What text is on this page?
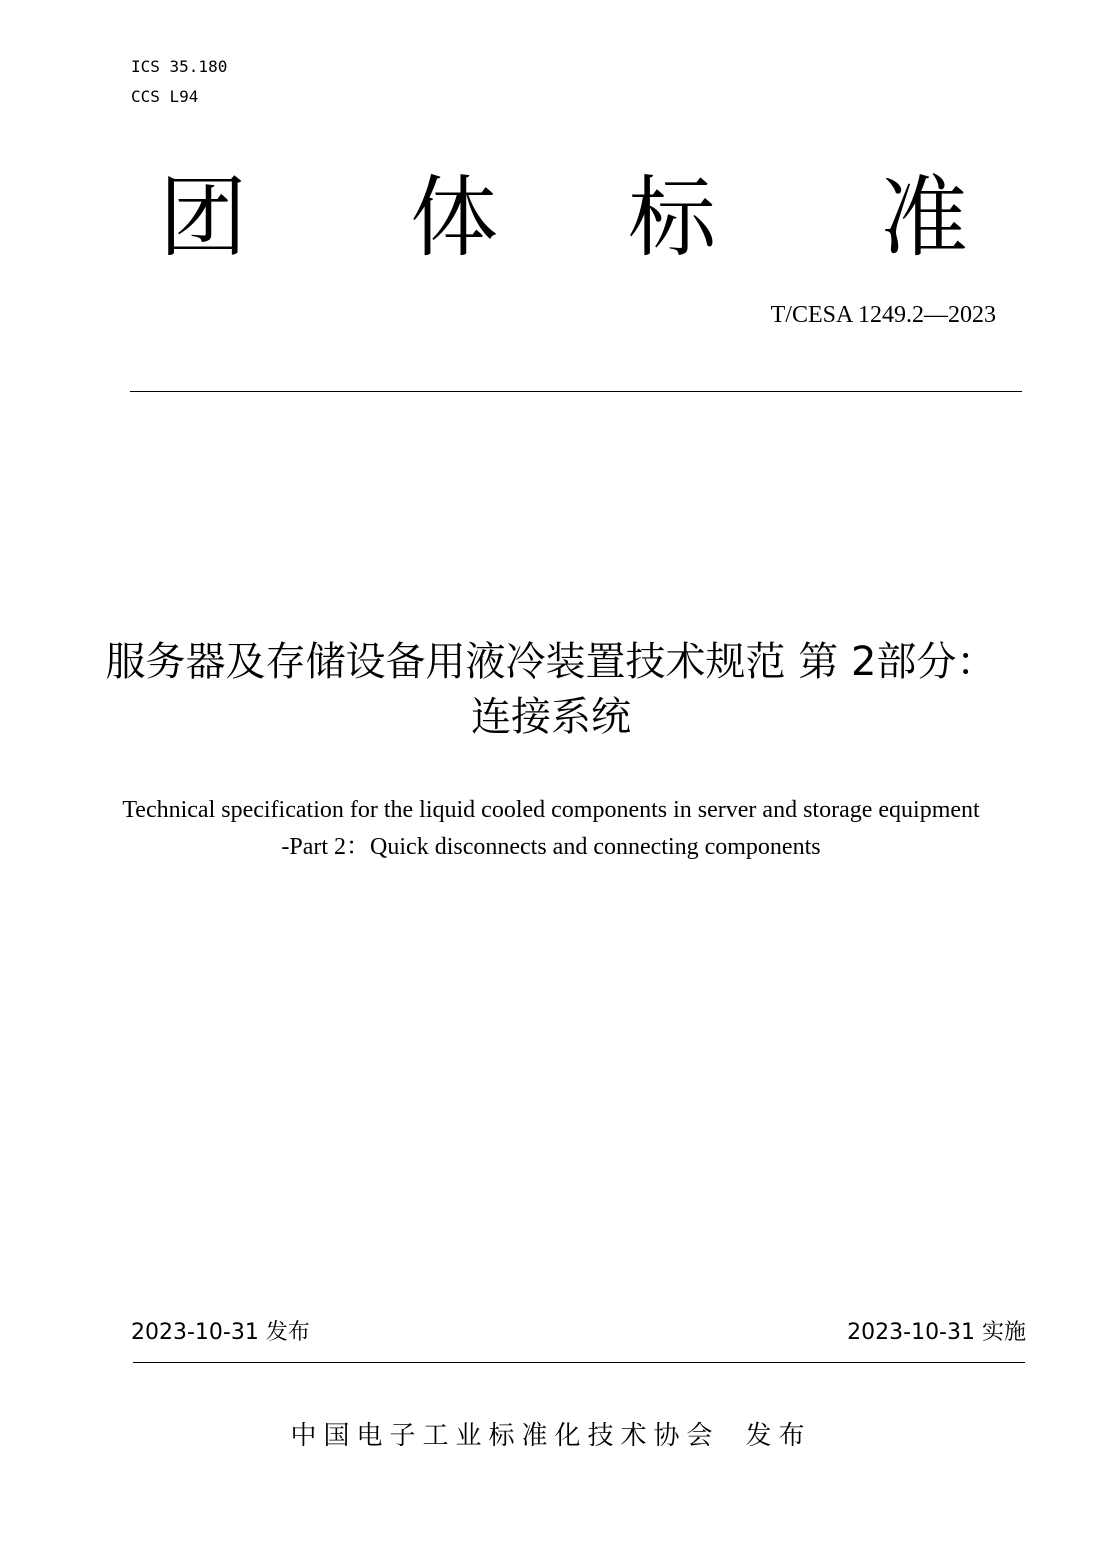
ICS 35.180
CCS L94
团 体 标 准
T/CESA 1249.2—2023
服务器及存储设备用液冷装置技术规范 第 2部分：连接系统
Technical specification for the liquid cooled components in server and storage equipment -Part 2：Quick disconnects and connecting components
2023-10-31 发布	2023-10-31 实施
中国电子工业标准化技术协会 发布
